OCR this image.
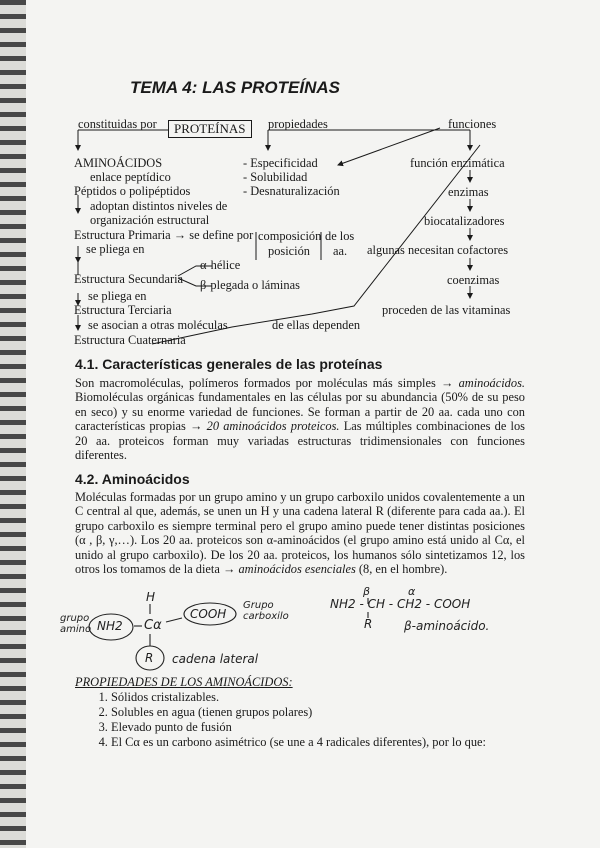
TEMA 4: LAS PROTEÍNAS
PROTEÍNAS
constituidas por	propiedades	funciones
AMINOÁCIDOS
enlace peptídico
Péptidos o polipéptidos
adoptan distintos niveles de
organización estructural
Estructura Primaria → se define por
se pliega en
α-hélice
Estructura Secundaria β-plegada o láminas
se pliega en
Estructura Terciaria
se asocian a otras moléculas
Estructura Cuaternaria
- Especificidad
- Solubilidad
- Desnaturalización
composición
posición
de los
aa.
de ellas dependen
función enzimática
enzimas
biocatalizadores
algunas necesitan cofactores
coenzimas
proceden de las vitaminas
4.1. Características generales de las proteínas

Son macromoléculas, polímeros formados por moléculas más simples → aminoácidos. Biomoléculas orgánicas fundamentales en las células por su abundancia (50% de su peso en seco) y su enorme variedad de funciones. Se forman a partir de 20 aa. cada uno con características propias → 20 aminoácidos proteicos. Las múltiples combinaciones de los 20 aa. proteicos forman muy variadas estructuras tridimensionales con funciones diferentes.

4.2. Aminoácidos

Moléculas formadas por un grupo amino y un grupo carboxilo unidos covalentemente a un C central al que, además, se unen un H y una cadena lateral R (diferente para cada aa.). El grupo carboxilo es siempre terminal pero el grupo amino puede tener distintas posiciones (α , β, γ,…). Los 20 aa. proteicos son α-aminoácidos (el grupo amino está unido al Cα, el unido al grupo carboxilo). De los 20 aa. proteicos, los humanos sólo sintetizamos 12, los otros los tomamos de la dieta → aminoácidos esenciales (8, en el hombre).

grupo amino NH2
H
Cα
COOH
Grupo carboxilo
R cadena lateral
β	α
NH2 - CH - CH2 - COOH
R	β-aminoácido.

PROPIEDADES DE LOS AMINOÁCIDOS:

1. Sólidos cristalizables.
2. Solubles en agua (tienen grupos polares)
3. Elevado punto de fusión
4. El Cα es un carbono asimétrico (se une a 4 radicales diferentes), por lo que:
